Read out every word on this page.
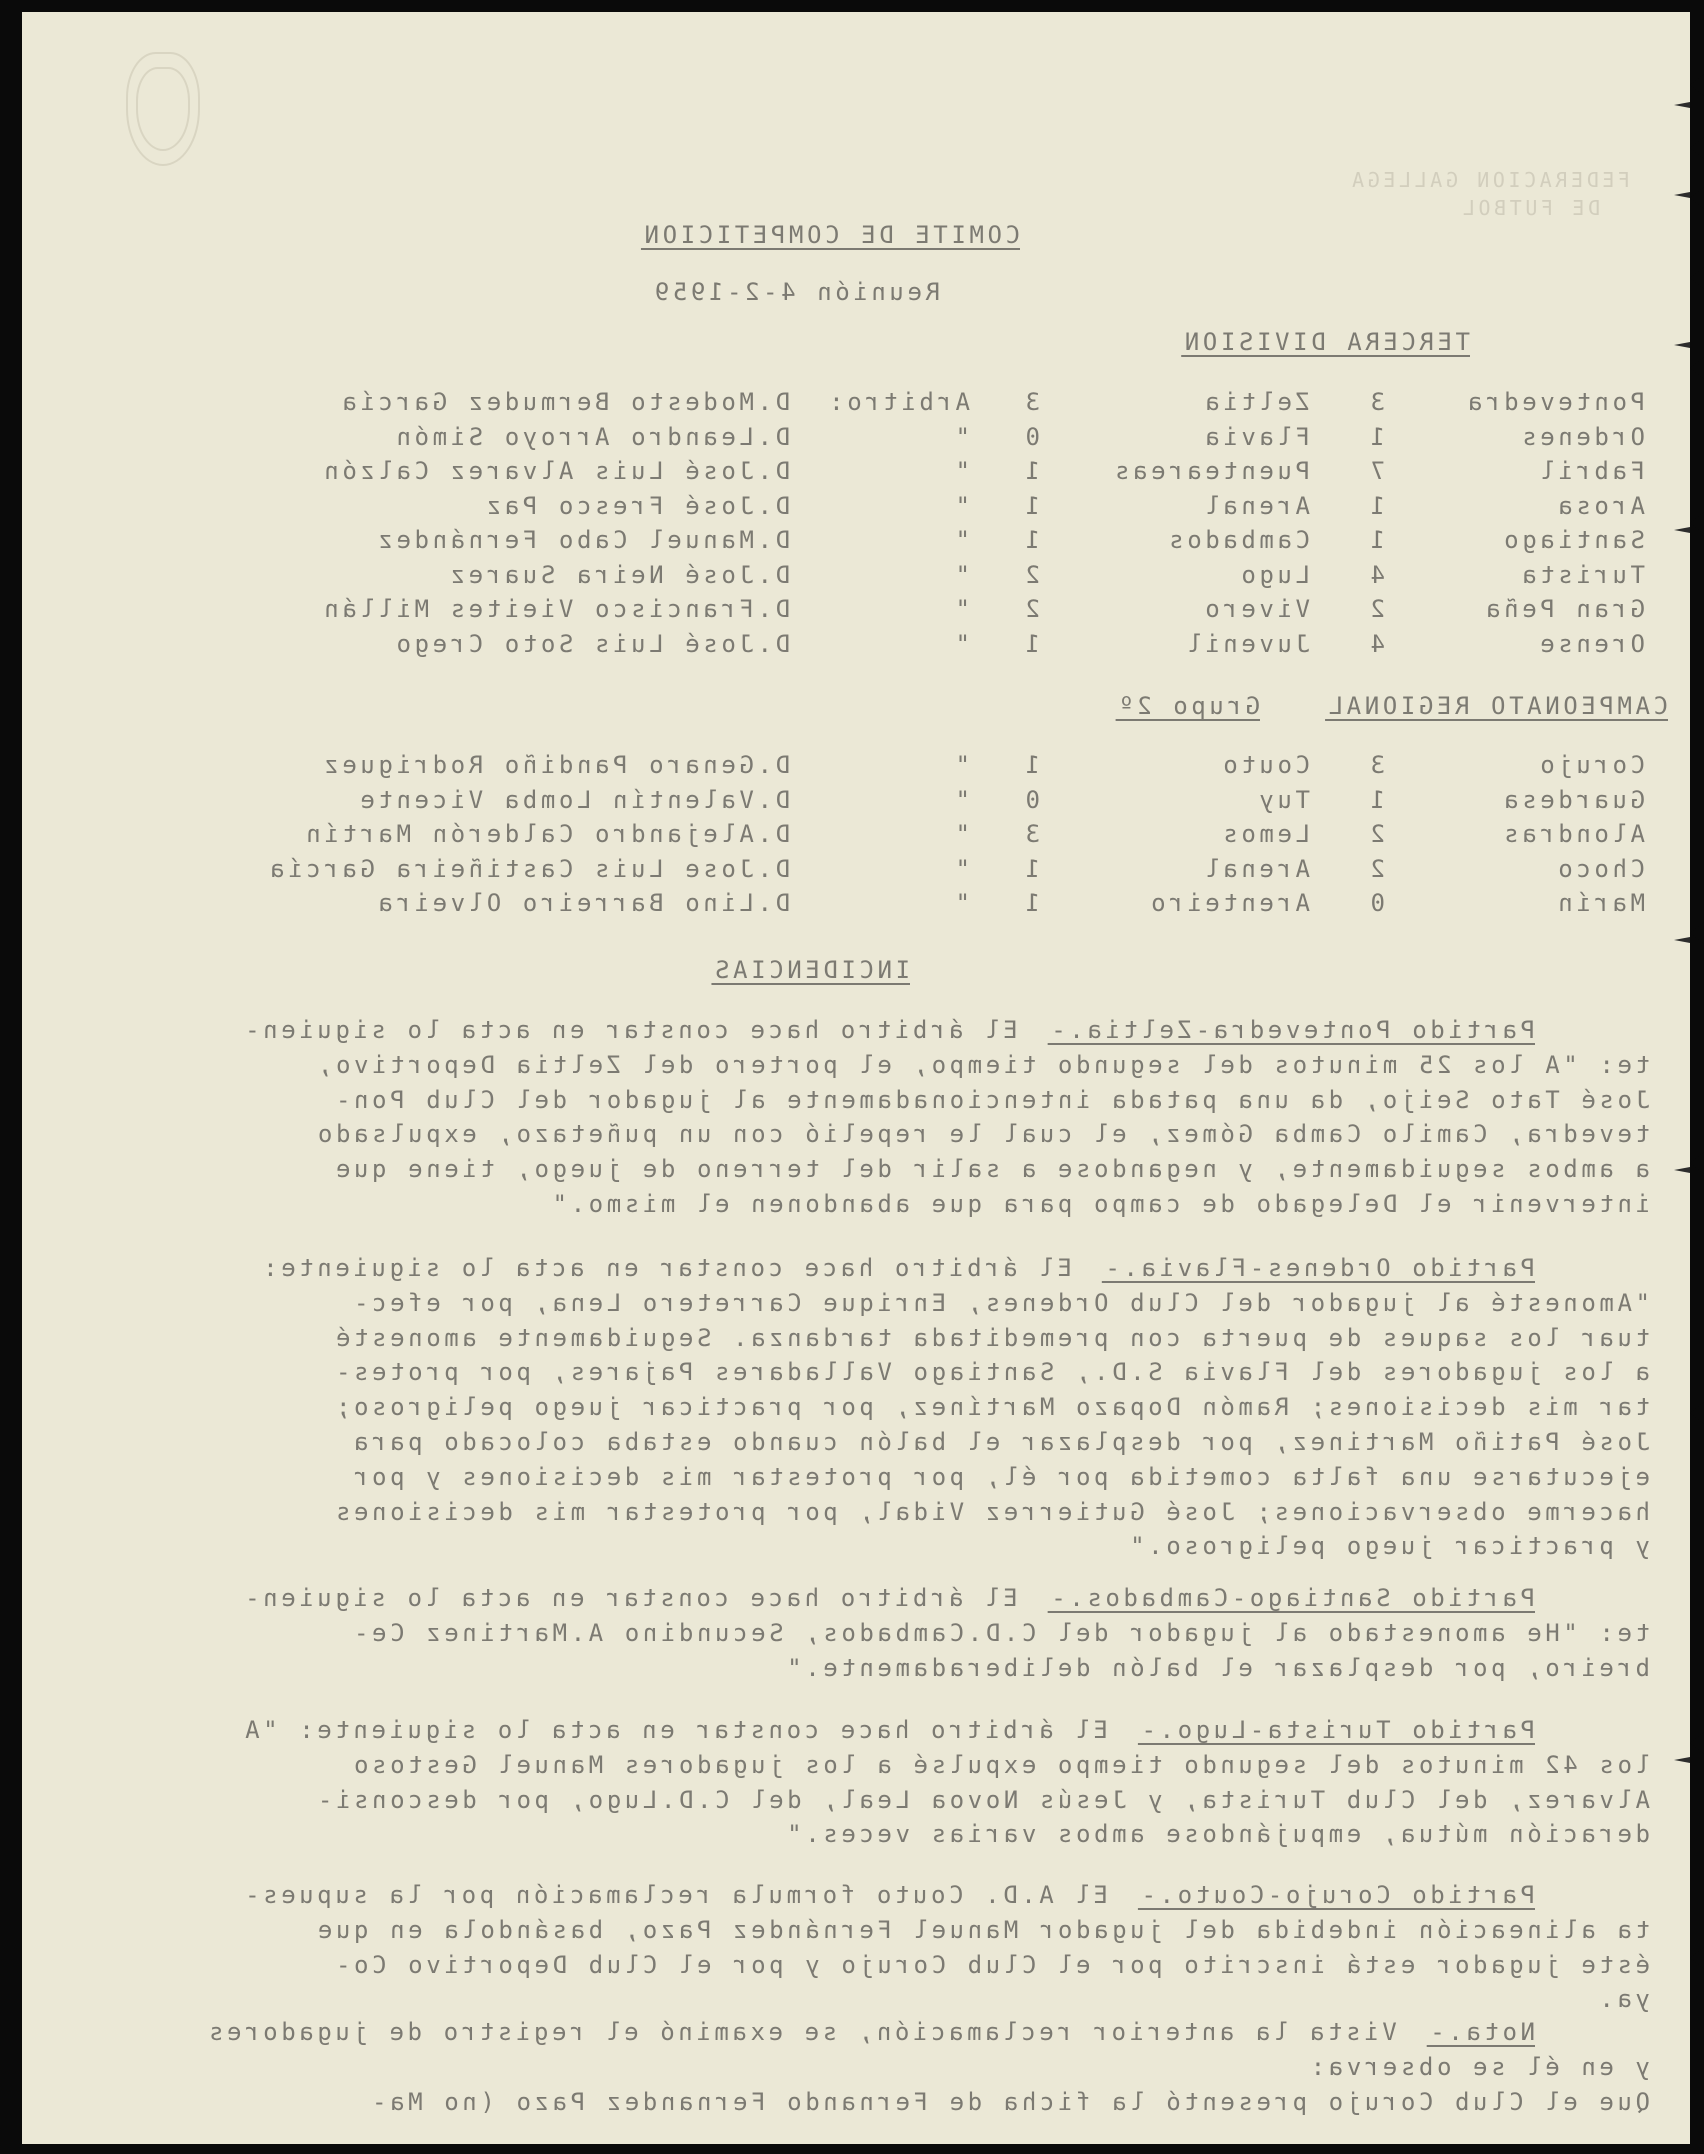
FEDERACION GALLEGA
DE FUTBOL
COMITE DE COMPETICION
Reunión 4-2-1959
TERCERA DIVISION
Pontevedra
3
Zeltia
3
Arbitro:
D.Modesto Bermudez García
Ordenes
1
Flavia
0
"
D.Leandro Arroyo Simón
Fabril
7
Puenteareas
1
"
D.José Luis Alvarez Calzón
Arosa
1
Arenal
1
"
D.José Fresco Paz
Santiago
1
Cambados
1
"
D.Manuel Cabo Fernández
Turista
4
Lugo
2
"
D.José Neira Suarez
Gran Peña
2
Vivero
2
"
D.Francisco Vieites Millán
Orense
4
Juvenil
1
"
D.José Luis Soto Crego
CAMPEONATO REGIONAL
Grupo 2º
Corujo
3
Couto
1
"
D.Genaro Pandiño Rodriguez
Guardesa
1
Tuy
0
"
D.Valentín Lomba Vicente
Alondras
2
Lemos
3
"
D.Alejandro Calderón Martín
Choco
2
Arenal
1
"
D.Jose Luis Castiñeira García
Marín
0
Arenteiro
1
"
D.Lino Barreiro Olveira
INCIDENCIAS
Partido Pontevedra-Zeltia.-
El árbitro hace constar en acta lo siguien-
te: "A los 25 minutos del segundo tiempo, el portero del Zeltia Deportivo,
José Tato Seijo, da una patada intencionadamente al jugador del Club Pon-
tevedra, Camilo Camba Gómez, el cual le repelió con un puñetazo, expulsado
a ambos seguidamente, y negandose a salir del terreno de juego, tiene que
intervenir el Delegado de campo para que abandonen el mismo."
Partido Ordenes-Flavia.-
El árbitro hace constar en acta lo siguiente:
"Amonesté al jugador del Club Ordenes, Enrique Carretero Lena, por efec-
tuar los saques de puerta con premeditada tardanza. Seguidamente amonesté
a los jugadores del Flavia S.D., Santiago Valladares Pajares, por protes-
tar mis decisiones; Ramón Dopazo Martínez, por practicar juego peligroso;
José Patiño Martinez, por desplazar el balón cuando estaba colocado para
ejecutarse una falta cometida por él, por protestar mis decisiones y por
hacerme observaciones; José Gutierrez Vidal, por protestar mis decisiones
y practicar juego peligroso."
Partido Santiago-Cambados.-
El árbitro hace constar en acta lo siguien-
te: "He amonestado al jugador del C.D.Cambados, Secundino A.Martinez Ce-
breiro, por desplazar el balón deliberadamente."
Partido Turista-Lugo.-
El árbitro hace constar en acta lo siguiente: "A
los 42 minutos del segundo tiempo expulsé a los jugadores Manuel Gestoso
Alvarez, del Club Turista, y Jesús Novoa Leal, del C.D.Lugo, por desconsi-
deración mútua, empujándose ambos varias veces."
Partido Corujo-Couto.-
El A.D. Couto formula reclamación por la supues-
ta alineación indebida del jugador Manuel Fernández Pazo, basándola en que
éste jugador está inscrito por el Club Corujo y por el Club Deportivo Co-
ya.
Nota.-
Vista la anterior reclamación, se examinó el registro de jugadores
y en él se observa:
Que el Club Corujo presentó la ficha de Fernando Fernandez Pazo (no Ma-
